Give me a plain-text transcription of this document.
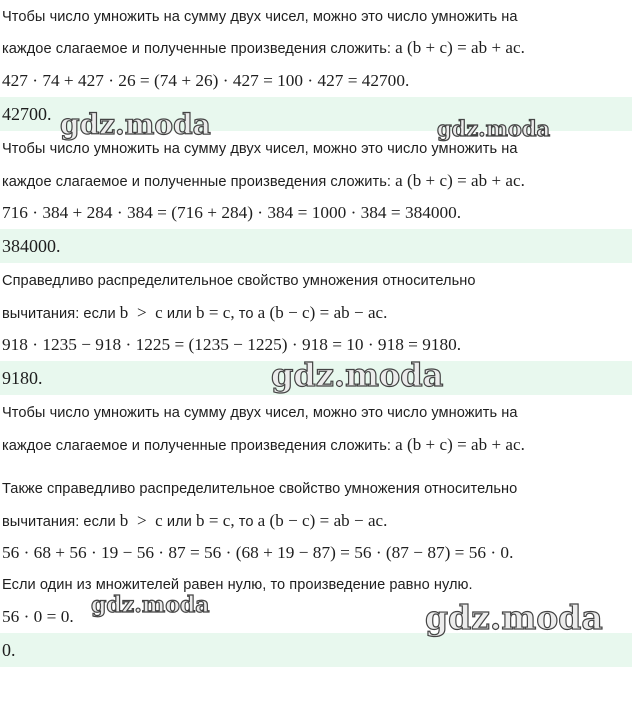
Чтобы число умножить на сумму двух чисел, можно это число умножить на
каждое слагаемое и полученные произведения сложить: a (b + c) = ab + ac.
427 · 74 + 427 · 26 = (74 + 26) · 427 = 100 · 427 = 42700.
42700.
Чтобы число умножить на сумму двух чисел, можно это число умножить на
каждое слагаемое и полученные произведения сложить: a (b + c) = ab + ac.
716 · 384 + 284 · 384 = (716 + 284) · 384 = 1000 · 384 = 384000.
384000.
Справедливо распределительное свойство умножения относительно
вычитания: если b  >  c или b = c, то a (b − c) = ab − ac.
918 · 1235 − 918 · 1225 = (1235 − 1225) · 918 = 10 · 918 = 9180.
9180.
Чтобы число умножить на сумму двух чисел, можно это число умножить на
каждое слагаемое и полученные произведения сложить: a (b + c) = ab + ac.
Также справедливо распределительное свойство умножения относительно
вычитания: если b  >  c или b = c, то a (b − c) = ab − ac.
56 · 68 + 56 · 19 − 56 · 87 = 56 · (68 + 19 − 87) = 56 · (87 − 87) = 56 · 0.
Если один из множителей равен нулю, то произведение равно нулю.
56 · 0 = 0.
0.
gdz.moda	gdz.moda
gdz.moda
gdz.moda	gdz.moda
